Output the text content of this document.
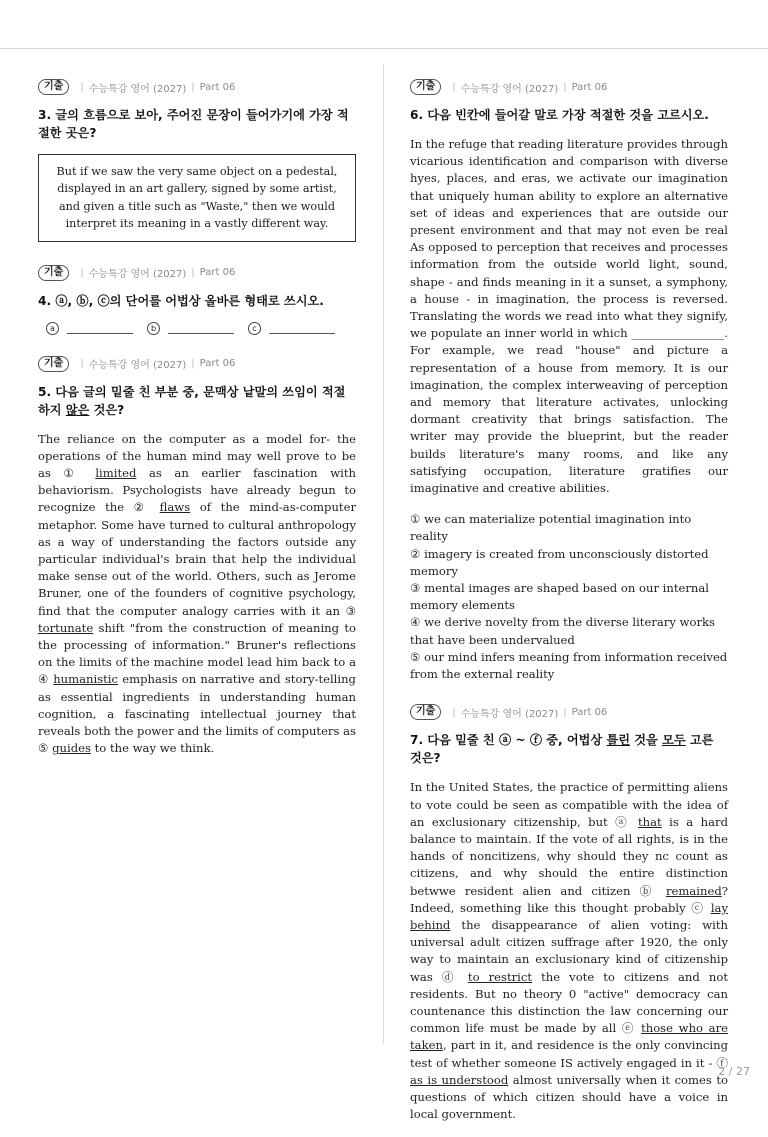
기출	| 수능특강 영어 (2027) | Part 06
3. 글의 흐름으로 보아, 주어진 문장이 들어가기에 가장 적절한 곳은?
But if we saw the very same object on a pedestal, displayed in an art gallery, signed by some artist, and given a title such as "Waste," then we would interpret its meaning in a vastly different way.
기출	| 수능특강 영어 (2027) | Part 06
4. ⓐ, ⓑ, ⓒ의 단어를 어법상 올바른 형태로 쓰시오.
a	b	c
기출	| 수능특강 영어 (2027) | Part 06
5. 다음 글의 밑줄 친 부분 중, 문맥상 낱말의 쓰임이 적절 하지 않은 것은?

The reliance on the computer as a model for- the operations of the human mind may well prove to be as ① limited as an earlier fascination with behaviorism. Psychologists have already begun to recognize the ② flaws of the mind-as-computer metaphor. Some have turned to cultural anthropology as a way of understanding the factors outside any particular individual's brain that help the individual make sense out of the world. Others, such as Jerome Bruner, one of the founders of cognitive psychology, find that the computer analogy carries with it an ③ tortunate shift "from the construction of meaning to the processing of information." Bruner's reflections on the limits of the machine model lead him back to a ④ humanistic emphasis on narrative and story-telling as essential ingredients in understanding human cognition, a fascinating intellectual journey that reveals both the power and the limits of computers as ⑤ guides to the way we think.

기출	| 수능특강 영어 (2027) | Part 06
6. 다음 빈칸에 들어갈 말로 가장 적절한 것을 고르시오.

In the refuge that reading literature provides through vicarious identification and comparison with diverse hyes, places, and eras, we activate our imagination that uniquely human ability to explore an alternative set of ideas and experiences that are outside our present environment and that may not even be real As opposed to perception that receives and processes information from the outside world light, sound, shape - and finds meaning in it a sunset, a symphony, a house - in imagination, the process is reversed. Translating the words we read into what they signify, we populate an inner world in which ________________. For example, we read "house" and picture a representation of a house from memory. It is our imagination, the complex interweaving of perception and memory that literature activates, unlocking dormant creativity that brings satisfaction. The writer may provide the blueprint, but the reader builds literature's many rooms, and like any satisfying occupation, literature gratifies our imaginative and creative abilities.

① we can materialize potential imagination into reality

② imagery is created from unconsciously distorted memory

③ mental images are shaped based on our internal memory elements

④ we derive novelty from the diverse literary works that have been undervalued

⑤ our mind infers meaning from information received from the external reality

기출	| 수능특강 영어 (2027) | Part 06
7. 다음 밑줄 친 ⓐ ~ ⓕ 중, 어법상 틀린 것을 모두 고른 것은?

In the United States, the practice of permitting aliens to vote could be seen as compatible with the idea of an exclusionary citizenship, but ⓐ that is a hard balance to maintain. If the vote of all rights, is in the hands of noncitizens, why should they nc count as citizens, and why should the entire distinction betwwe resident alien and citizen ⓑ remained? Indeed, something like this thought probably ⓒ lay behind the disappearance of alien voting: with universal adult citizen suffrage after 1920, the only way to maintain an exclusionary kind of citizenship was ⓓ to restrict the vote to citizens and not residents. But no theory 0 "active" democracy can countenance this distinction the law concerning our common life must be made by all ⓔ those who are taken, part in it, and residence is the only convincing test of whether someone IS actively engaged in it - ⓕ as is understood almost universally when it comes to questions of which citizen should have a voice in local government.

2 / 27
